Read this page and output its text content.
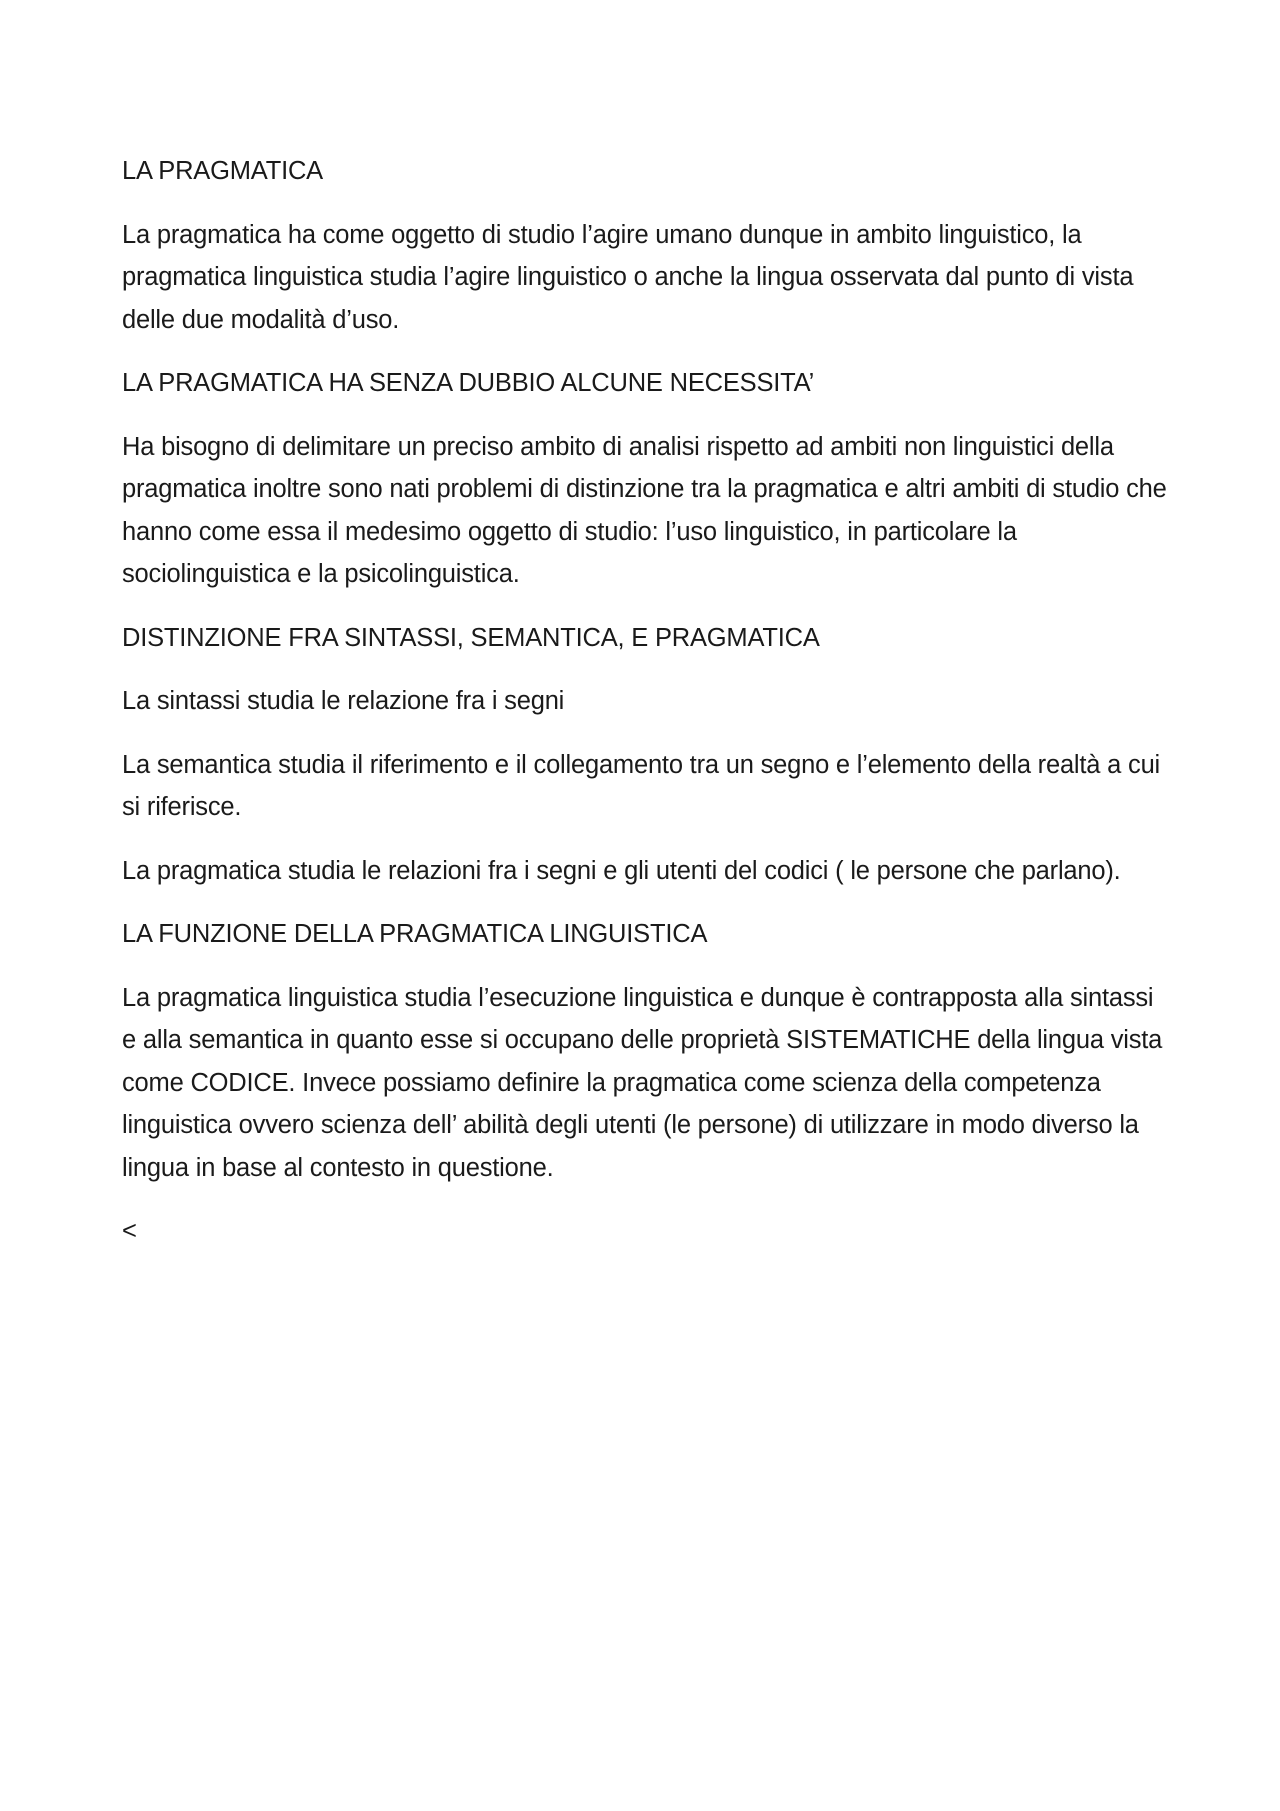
LA PRAGMATICA

La pragmatica ha come oggetto di studio l’agire umano dunque in ambito linguistico, la pragmatica linguistica studia l’agire linguistico o anche la lingua osservata dal punto di vista delle due modalità d’uso.

LA PRAGMATICA HA SENZA DUBBIO ALCUNE NECESSITA’

Ha bisogno di delimitare un preciso ambito di analisi rispetto ad ambiti non linguistici della pragmatica inoltre sono nati problemi di distinzione tra la pragmatica e altri ambiti di studio che hanno come essa il medesimo oggetto di studio: l’uso linguistico, in particolare la sociolinguistica e la psicolinguistica.

DISTINZIONE FRA SINTASSI, SEMANTICA, E PRAGMATICA

La sintassi studia le relazione fra i segni

La semantica studia il riferimento e il collegamento tra un segno e l’elemento della realtà a cui si riferisce.

La pragmatica studia le relazioni fra i segni e gli utenti del codici ( le persone che parlano).

LA FUNZIONE DELLA PRAGMATICA LINGUISTICA

La pragmatica linguistica studia l’esecuzione linguistica e dunque è contrapposta alla sintassi e alla semantica in quanto esse si occupano delle proprietà SISTEMATICHE della lingua vista come CODICE. Invece possiamo definire la pragmatica come scienza della competenza linguistica ovvero scienza dell’ abilità degli utenti (le persone) di utilizzare in modo diverso la lingua in base al contesto in questione.

<
